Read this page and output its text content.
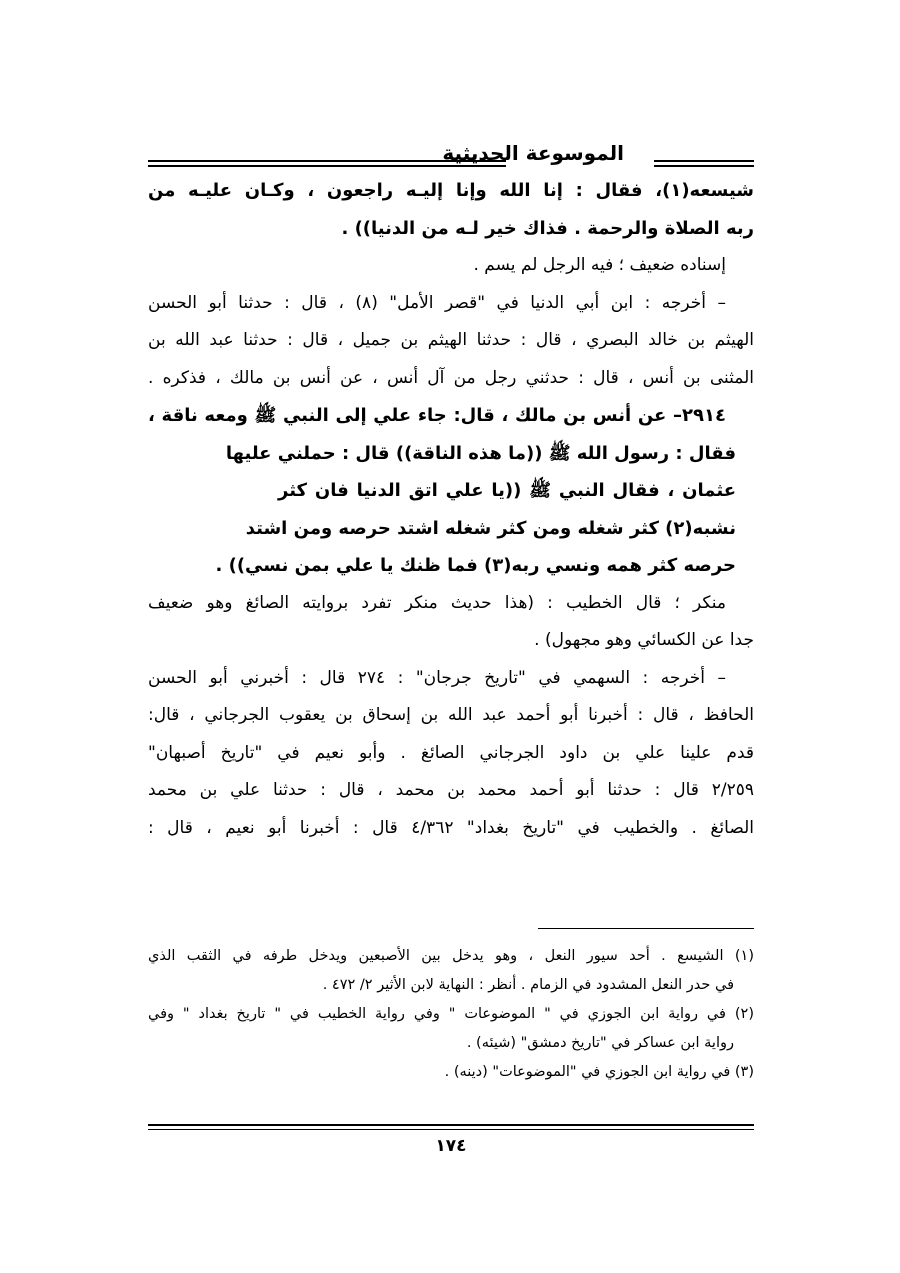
الموسوعة الحديثية
شيسعه(١)، فقال : إنا الله وإنا إليـه راجعون ، وكـان عليـه من
ربه الصلاة والرحمة . فذاك خير لـه من الدنيا)) .
إسناده ضعيف ؛ فيه الرجل لم يسم .
– أخرجه : ابن أبي الدنيا في "قصر الأمل" (٨) ، قال : حدثنا أبو الحسن
الهيثم بن خالد البصري ، قال : حدثنا الهيثم بن جميل ، قال : حدثنا عبد الله بن
المثنى بن أنس ، قال : حدثني رجل من آل أنس ، عن أنس بن مالك ، فذكره .
٢٩١٤– عن أنس بن مالك ، قال: جاء علي إلى النبي ﷺ ومعه ناقة ،
فقال : رسول الله ﷺ ((ما هذه الناقة)) قال : حملني عليها
عثمان ، فقال النبي ﷺ ((يا علي اتق الدنيا فان كثر
نشبه(٢) كثر شغله ومن كثر شغله اشتد حرصه ومن اشتد
حرصه كثر همه ونسي ربه(٣) فما ظنك يا علي بمن نسي)) .
منكر ؛ قال الخطيب : (هذا حديث منكر تفرد بروايته الصائغ وهو ضعيف
جدا عن الكسائي وهو مجهول) .
– أخرجه : السهمي في "تاريخ جرجان" : ٢٧٤ قال : أخبرني أبو الحسن
الحافظ ، قال : أخبرنا أبو أحمد عبد الله بن إسحاق بن يعقوب الجرجاني ، قال:
قدم علينا علي بن داود الجرجاني الصائغ . وأبو نعيم في "تاريخ أصبهان"
٢/٢٥٩ قال : حدثنا أبو أحمد محمد بن محمد ، قال : حدثنا علي بن محمد
الصائغ . والخطيب في "تاريخ بغداد" ٤/٣٦٢ قال : أخبرنا أبو نعيم ، قال :
(١) الشيسع . أحد سيور النعل ، وهو يدخل بين الأصبعين ويدخل طرفه في الثقب الذي
في حدر النعل المشدود في الزمام . أنظر : النهاية لابن الأثير ٢/ ٤٧٢ .
(٢) في رواية ابن الجوزي في " الموضوعات " وفي رواية الخطيب في " تاريخ بغداد " وفي
رواية ابن عساكر في "تاريخ دمشق" (شيئه) .
(٣) في رواية ابن الجوزي في "الموضوعات" (دينه) .
١٧٤
